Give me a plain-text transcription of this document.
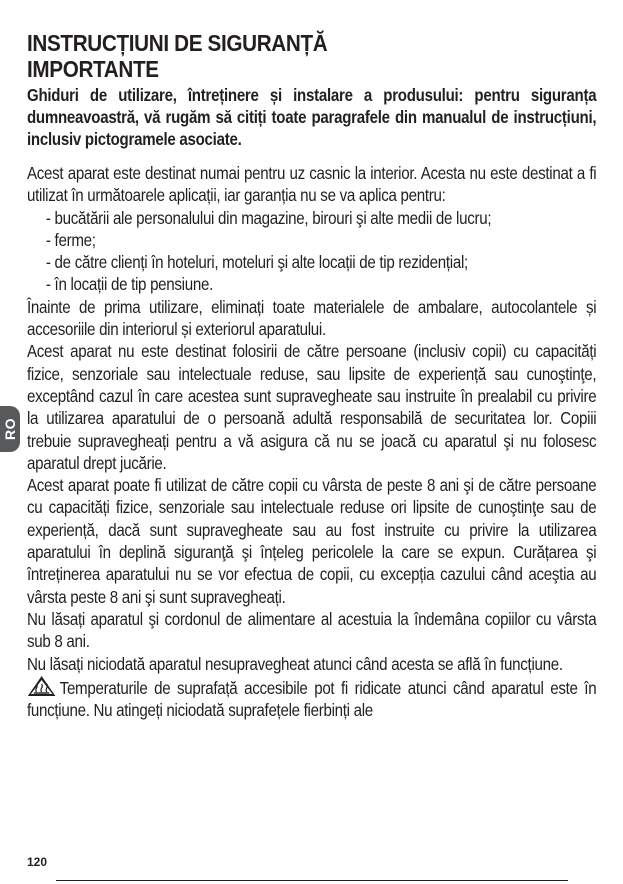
RO
INSTRUCȚIUNI DE SIGURANȚĂ
IMPORTANTE

Ghiduri de utilizare, întreținere și instalare a produsului: pentru siguranța dumneavoastră, vă rugăm să citiți toate paragrafele din manualul de instrucțiuni, inclusiv pictogramele asociate.

Acest aparat este destinat numai pentru uz casnic la interior. Acesta nu este destinat a fi utilizat în următoarele aplicații, iar garanția nu se va aplica pentru:

- bucătării ale personalului din magazine, birouri şi alte medii de lucru;

- ferme;

- de către clienți în hoteluri, moteluri şi alte locații de tip rezidențial;

- în locații de tip pensiune.

Înainte de prima utilizare, eliminați toate materialele de ambalare, autocolantele și accesoriile din interiorul și exteriorul aparatului.

Acest aparat nu este destinat folosirii de către persoane (inclusiv copii) cu capacități fizice, senzoriale sau intelectuale reduse, sau lipsite de experiență sau cunoştinţe, exceptând cazul în care acestea sunt supravegheate sau instruite în prealabil cu privire la utilizarea aparatului de o persoană adultă responsabilă de securitatea lor. Copiii trebuie supravegheați pentru a vă asigura că nu se joacă cu aparatul şi nu folosesc aparatul drept jucărie.

Acest aparat poate fi utilizat de către copii cu vârsta de peste 8 ani şi de către persoane cu capacități fizice, senzoriale sau intelectuale reduse ori lipsite de cunoştinţe sau de experiență, dacă sunt supravegheate sau au fost instruite cu privire la utilizarea aparatului în deplină siguranţă şi înțeleg pericolele la care se expun. Curățarea şi întreținerea aparatului nu se vor efectua de copii, cu excepția cazului când aceştia au vârsta peste 8 ani şi sunt supravegheați.

Nu lăsați aparatul şi cordonul de alimentare al acestuia la îndemâna copiilor cu vârsta sub 8 ani.

Nu lăsați niciodată aparatul nesupravegheat atunci când acesta se află în funcțiune.

Temperaturile de suprafață accesibile pot fi ridicate atunci când aparatul este în funcțiune. Nu atingeți niciodată suprafețele fierbinți ale

120
